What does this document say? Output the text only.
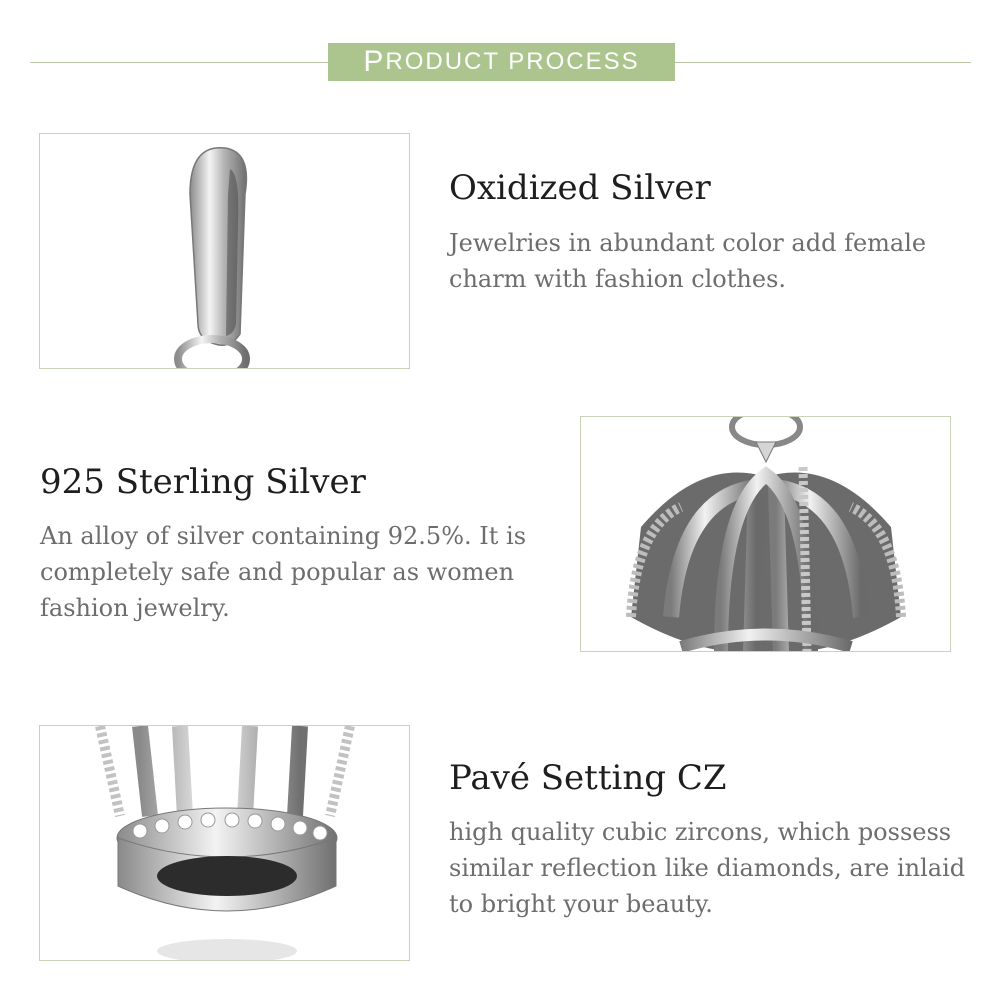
P RODUCT PROCESS
Oxidized Silver
Jewelries in abundant color add female charm with fashion clothes.
925 Sterling Silver
An alloy of silver containing 92.5%. It is completely safe and popular as women fashion jewelry.
Pavé Setting CZ
high quality cubic zircons, which possess similar reflection like diamonds, are inlaid to bright your beauty.
